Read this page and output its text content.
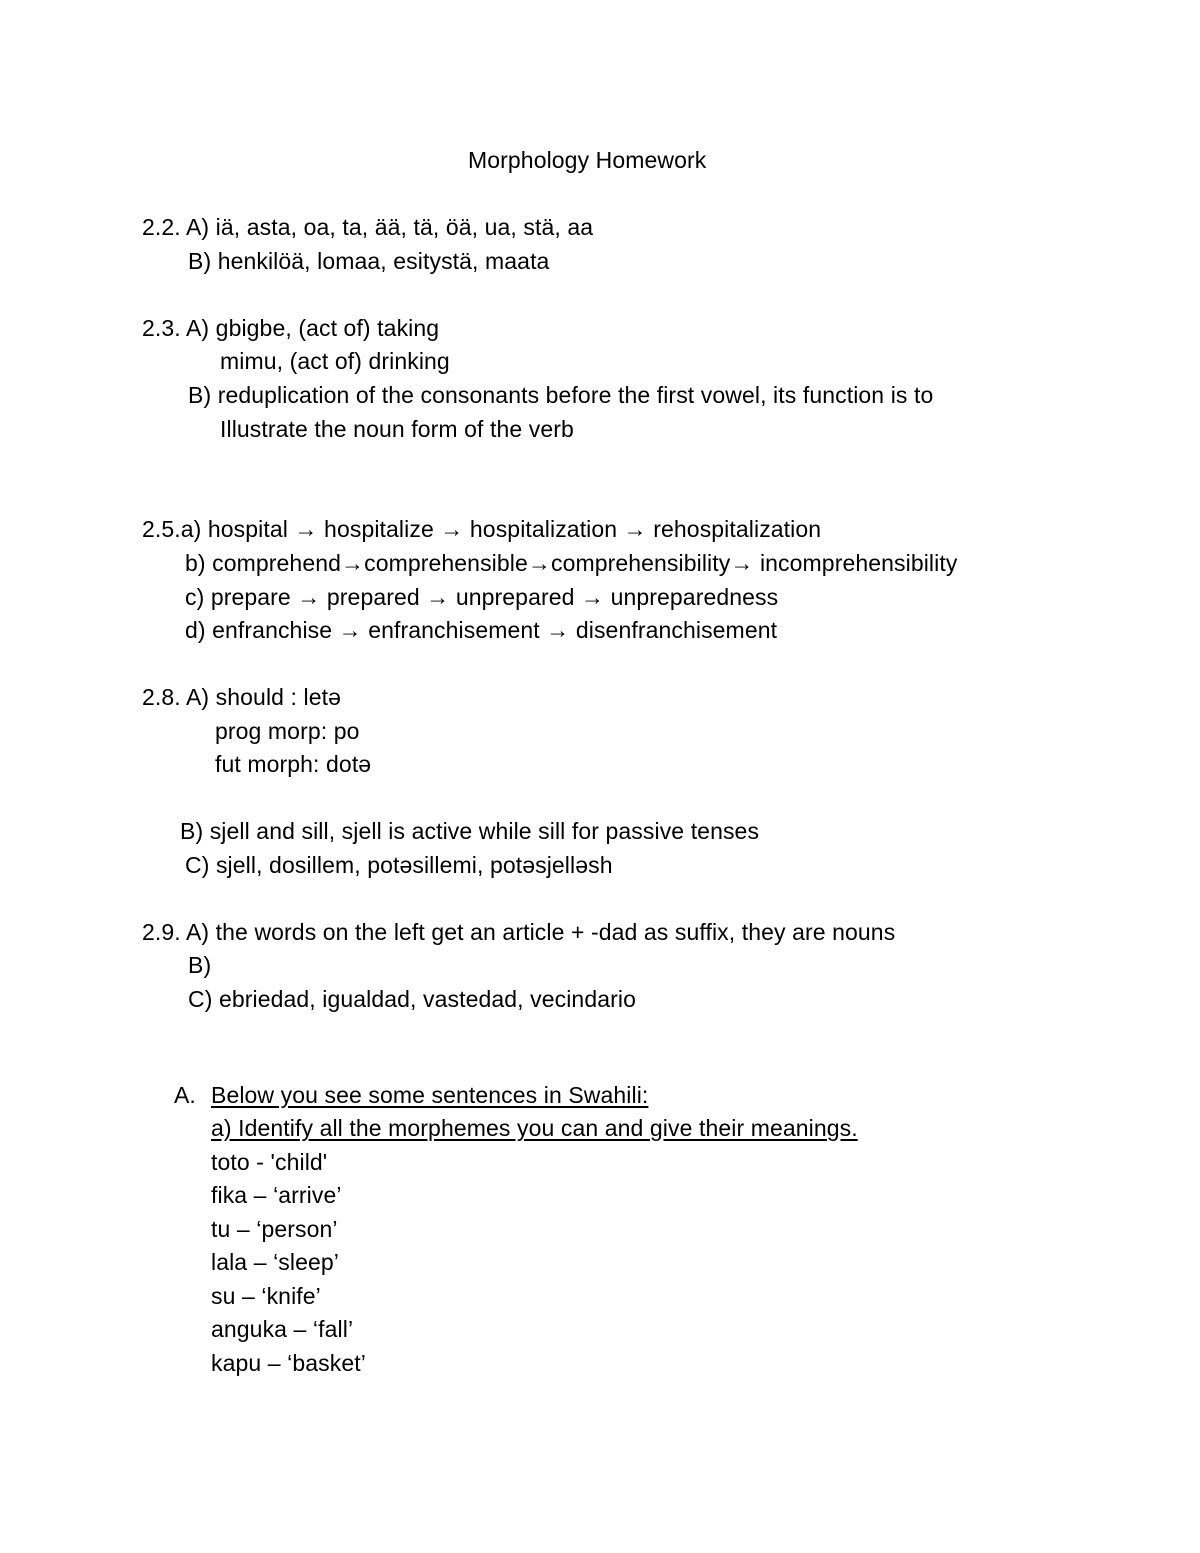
Morphology Homework
2.2. A) iä, asta, oa, ta, ää, tä, öä, ua, stä, aa
B) henkilöä, lomaa, esitystä, maata
2.3. A) gbigbe, (act of) taking
mimu, (act of) drinking
B) reduplication of the consonants before the first vowel, its function is to
Illustrate the noun form of the verb
2.5.a) hospital → hospitalize → hospitalization → rehospitalization
b) comprehend→comprehensible→comprehensibility→ incomprehensibility
c) prepare → prepared → unprepared → unpreparedness
d) enfranchise → enfranchisement → disenfranchisement
2.8. A) should : letə
prog morp: po
fut morph: dotə
B) sjell and sill, sjell is active while sill for passive tenses
C) sjell, dosillem, potəsillemi, potəsjelləsh
2.9. A) the words on the left get an article + -dad as suffix, they are nouns
B)
C) ebriedad, igualdad, vastedad, vecindario
A. Below you see some sentences in Swahili:
a) Identify all the morphemes you can and give their meanings.
toto - 'child'
fika – ‘arrive’
tu – ‘person’
lala – ‘sleep’
su – ‘knife’
anguka – ‘fall’
kapu – ‘basket’
